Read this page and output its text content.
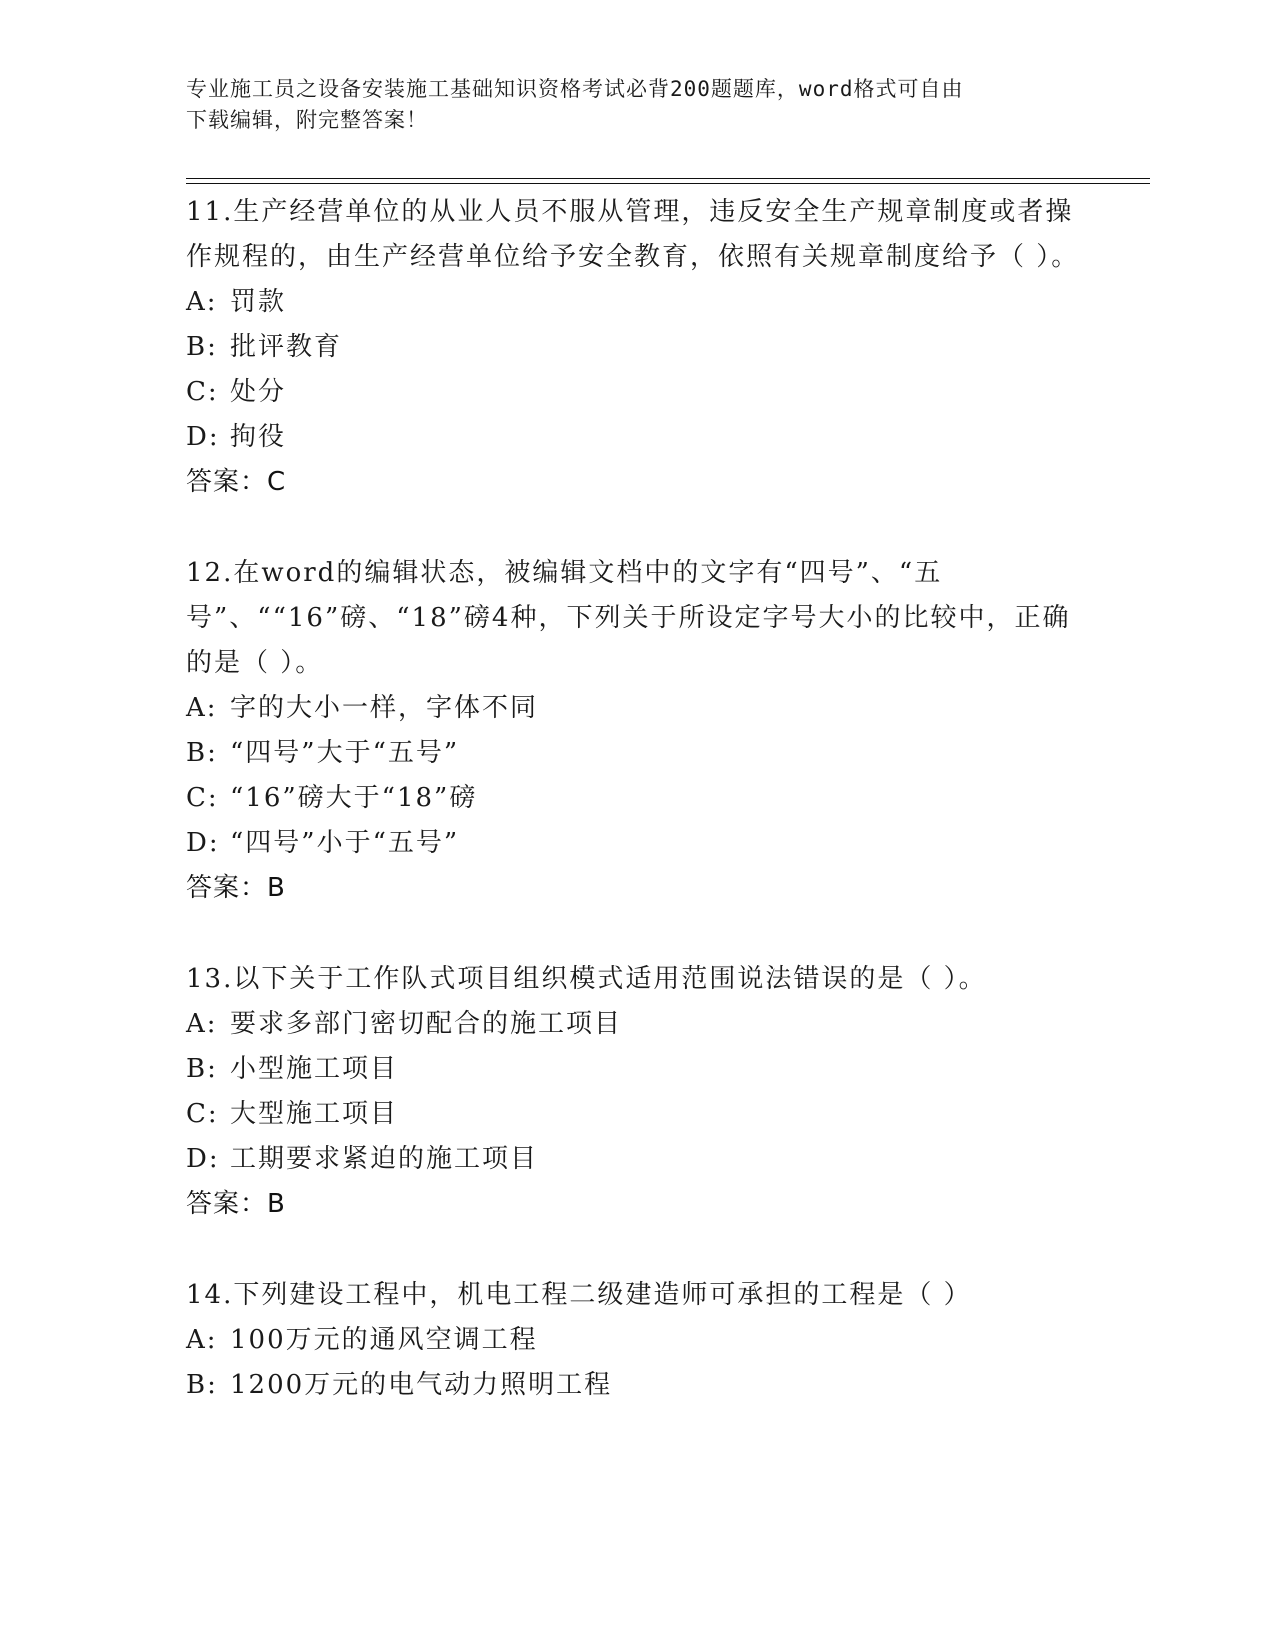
专业施工员之设备安装施工基础知识资格考试必背200题题库，word格式可自由
下载编辑，附完整答案！
11.生产经营单位的从业人员不服从管理，违反安全生产规章制度或者操作规程的，由生产经营单位给予安全教育，依照有关规章制度给予（ ）。
A: 罚款
B: 批评教育
C: 处分
D: 拘役
答案：C
12.在word的编辑状态，被编辑文档中的文字有“四号”、“五号”、““16”磅、“18”磅4种，下列关于所设定字号大小的比较中，正确的是（ ）。
A: 字的大小一样，字体不同
B: “四号”大于“五号”
C: “16”磅大于“18”磅
D: “四号”小于“五号”
答案：B
13.以下关于工作队式项目组织模式适用范围说法错误的是（ ）。
A: 要求多部门密切配合的施工项目
B: 小型施工项目
C: 大型施工项目
D: 工期要求紧迫的施工项目
答案：B
14.下列建设工程中，机电工程二级建造师可承担的工程是（ ）
A: 100万元的通风空调工程
B: 1200万元的电气动力照明工程
